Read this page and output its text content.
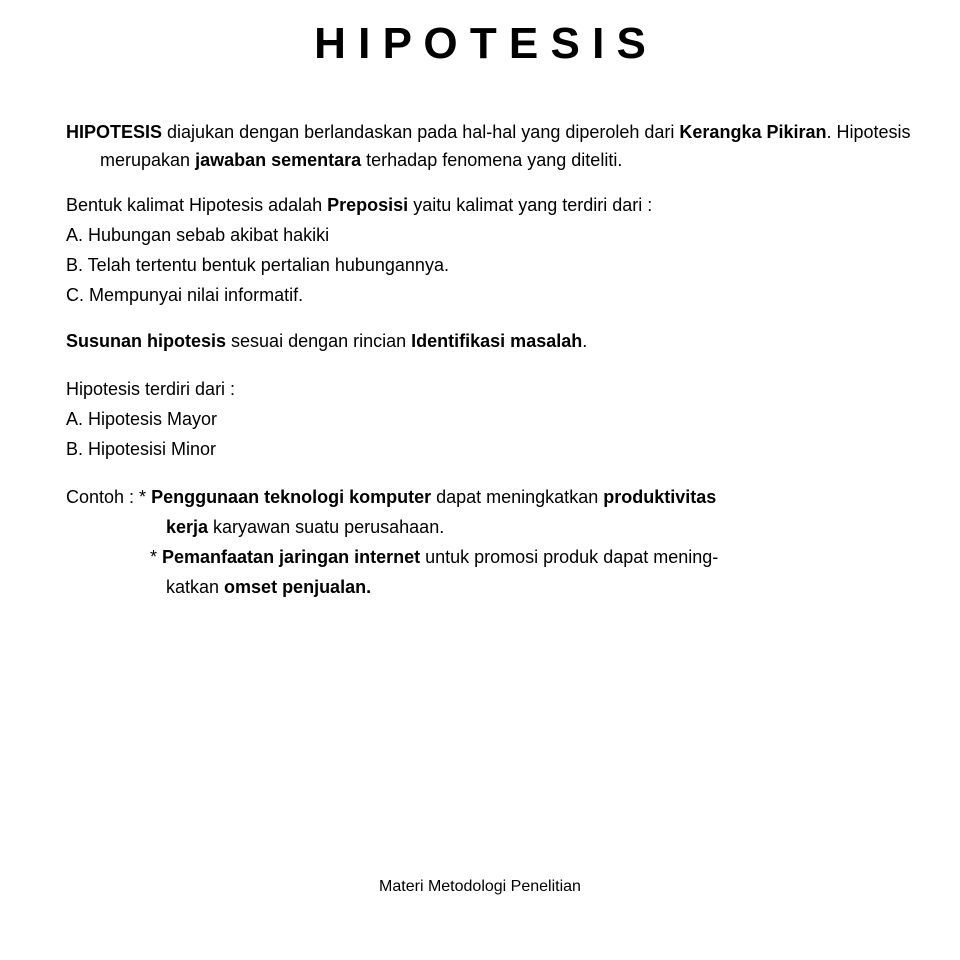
H I P O T E S I S

HIPOTESIS diajukan dengan berlandaskan pada hal-hal yang diperoleh dari Kerangka Pikiran. Hipotesis merupakan jawaban sementara terhadap fenomena yang diteliti.

Bentuk kalimat Hipotesis adalah Preposisi yaitu kalimat yang terdiri dari :

A. Hubungan sebab akibat hakiki

B. Telah tertentu bentuk pertalian hubungannya.

C. Mempunyai nilai informatif.

Susunan hipotesis sesuai dengan rincian Identifikasi masalah.

Hipotesis terdiri dari :

A. Hipotesis Mayor

B. Hipotesisi Minor

Contoh : * Penggunaan teknologi komputer dapat meningkatkan produktivitas

kerja karyawan suatu perusahaan.

* Pemanfaatan jaringan internet untuk promosi produk dapat mening-

katkan omset penjualan.

Materi Metodologi Penelitian
